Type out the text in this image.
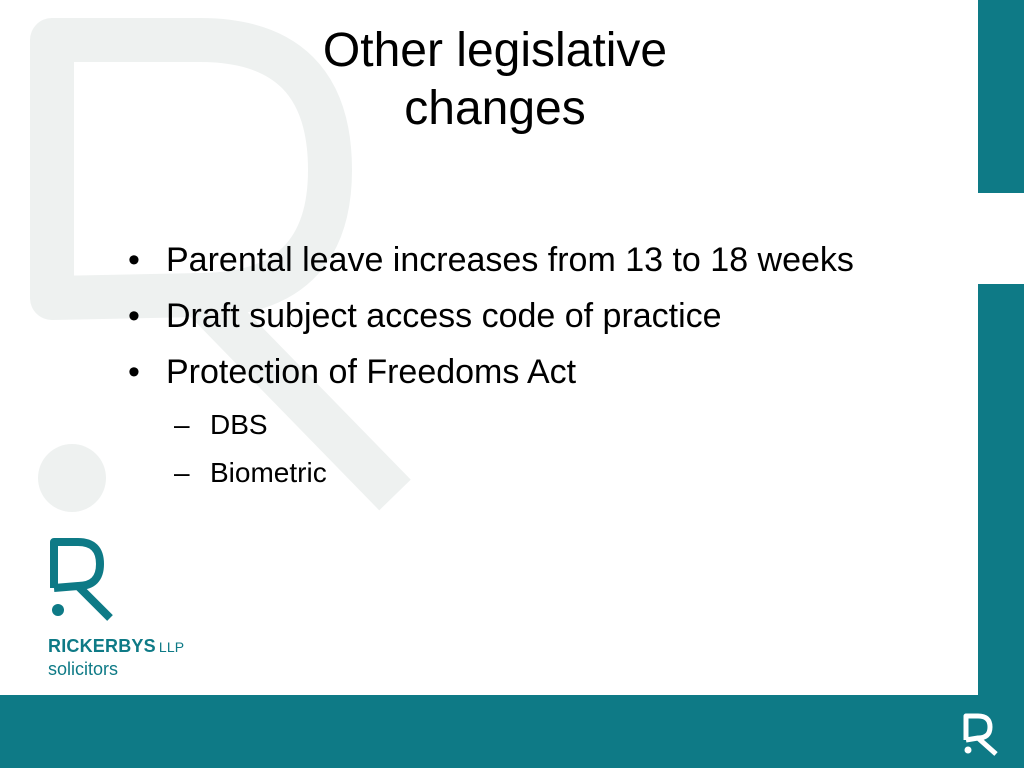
Other legislative
changes
• Parental leave increases from 13 to 18 weeks
• Draft subject access code of practice
• Protection of Freedoms Act
– DBS
– Biometric
RICKERBYS LLP
solicitors
